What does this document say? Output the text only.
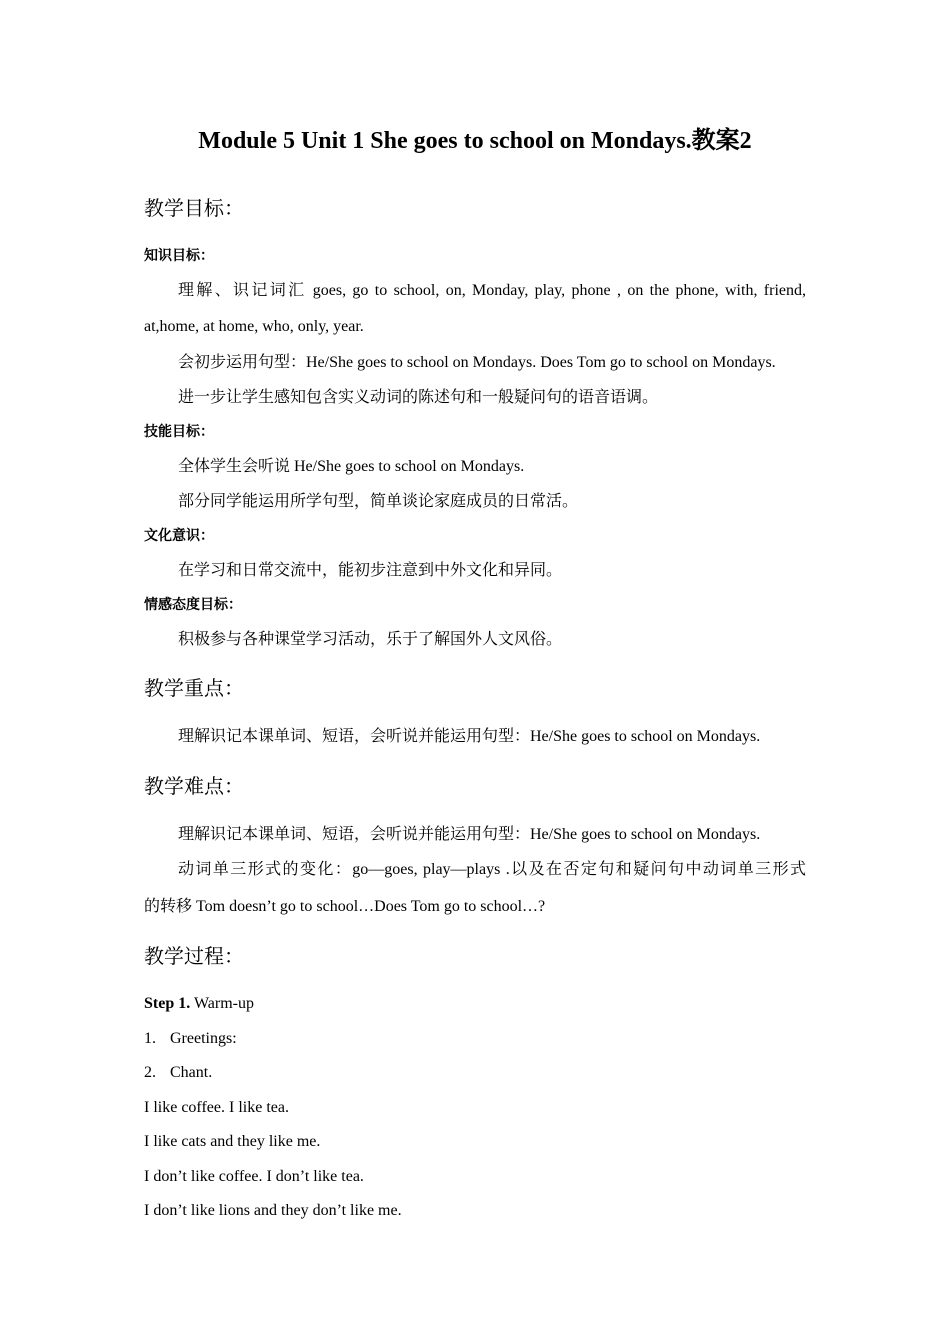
Module 5 Unit 1 She goes to school on Mondays.教案2
教学目标：
知识目标：
理解、识记词汇 goes, go to school, on, Monday, play, phone , on the phone, with, friend,
at,home, at home, who, only, year.
会初步运用句型：He/She goes to school on Mondays. Does Tom go to school on Mondays.
进一步让学生感知包含实义动词的陈述句和一般疑问句的语音语调。
技能目标：
全体学生会听说 He/She goes to school on Mondays.
部分同学能运用所学句型，简单谈论家庭成员的日常活。
文化意识：
在学习和日常交流中，能初步注意到中外文化和异同。
情感态度目标：
积极参与各种课堂学习活动，乐于了解国外人文风俗。
教学重点：
理解识记本课单词、短语，会听说并能运用句型：He/She goes to school on Mondays.
教学难点：
理解识记本课单词、短语，会听说并能运用句型：He/She goes to school on Mondays.
动词单三形式的变化：go—goes, play—plays .以及在否定句和疑问句中动词单三形式
的转移 Tom doesn’t go to school…Does Tom go to school…?
教学过程：
Step 1. Warm-up
1. Greetings:
2. Chant.
I like coffee. I like tea.
I like cats and they like me.
I don’t like coffee. I don’t like tea.
I don’t like lions and they don’t like me.
